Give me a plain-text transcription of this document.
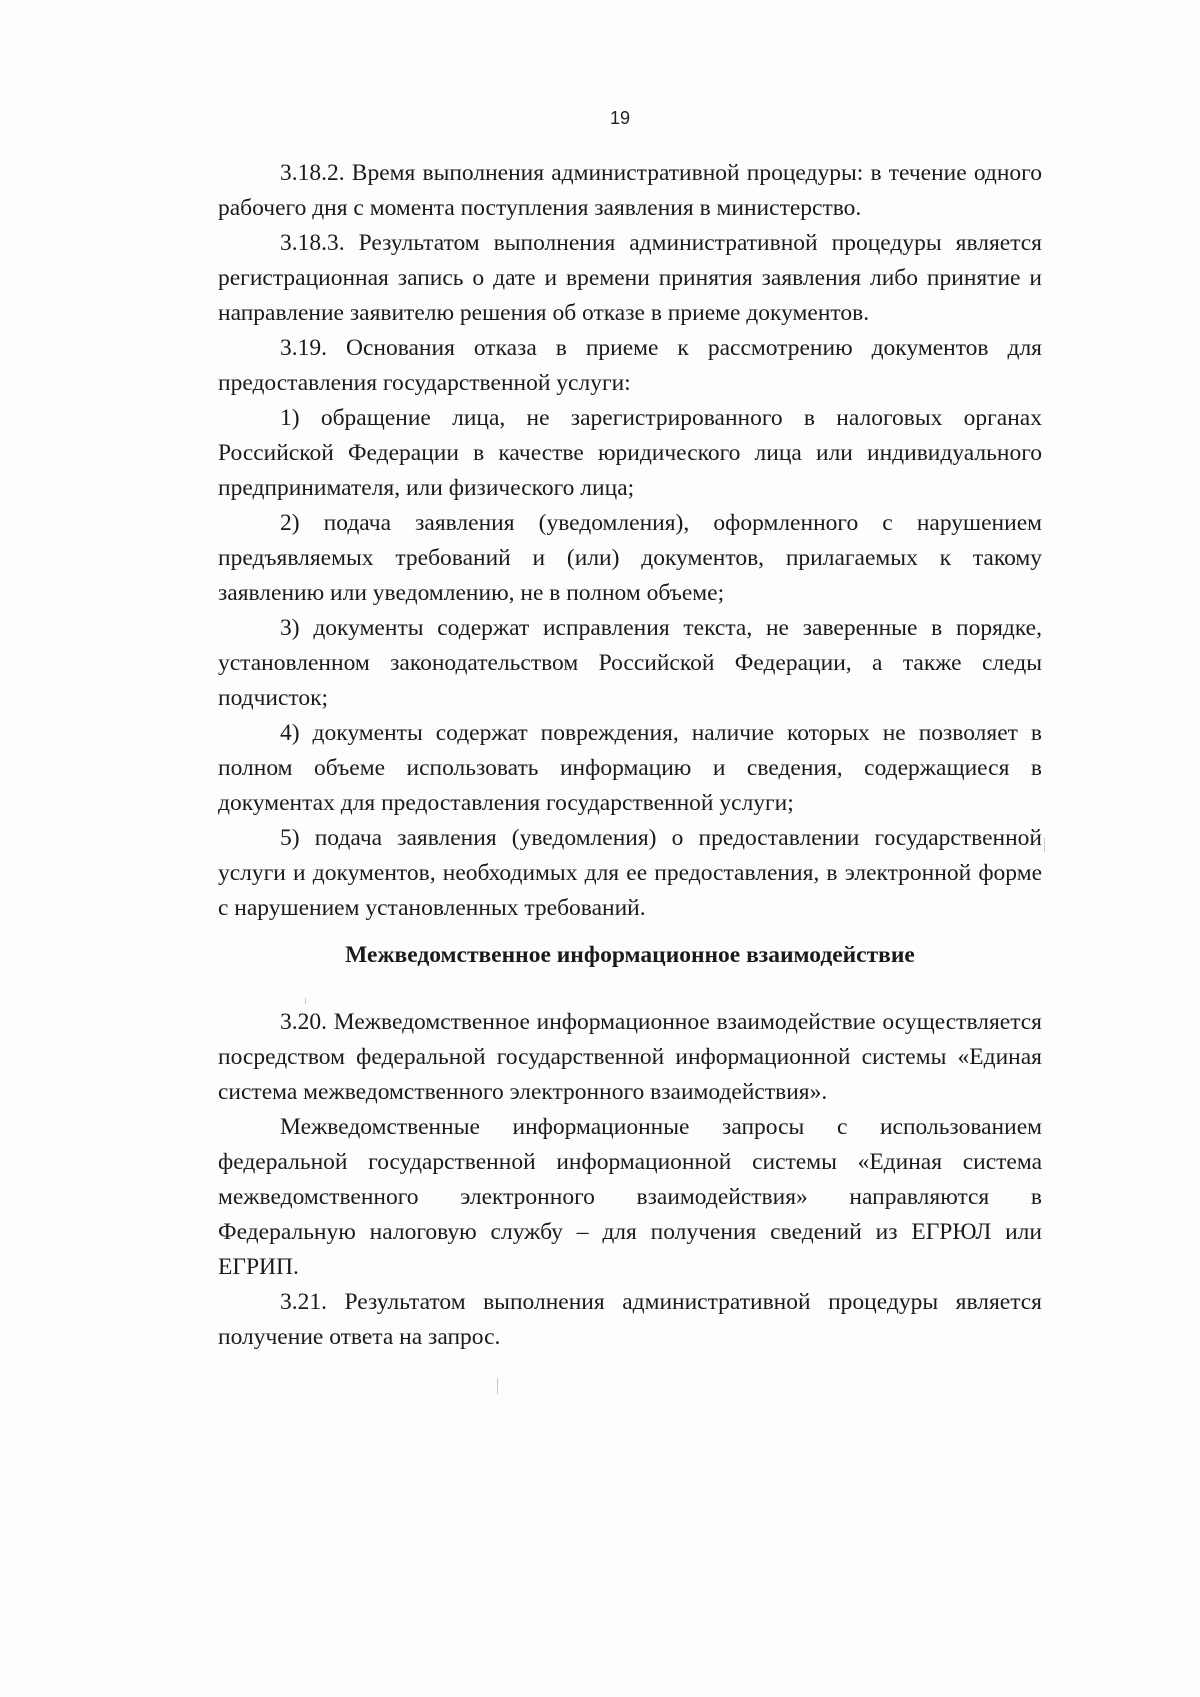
19

3.18.2. Время выполнения административной процедуры: в течение одного рабочего дня с момента поступления заявления в министерство.

3.18.3. Результатом выполнения административной процедуры является регистрационная запись о дате и времени принятия заявления либо принятие и направление заявителю решения об отказе в приеме документов.

3.19. Основания отказа в приеме к рассмотрению документов для предоставления государственной услуги:

1) обращение лица, не зарегистрированного в налоговых органах Российской Федерации в качестве юридического лица или индивидуального предпринимателя, или физического лица;

2) подача заявления (уведомления), оформленного с нарушением предъявляемых требований и (или) документов, прилагаемых к такому заявлению или уведомлению, не в полном объеме;

3) документы содержат исправления текста, не заверенные в порядке, установленном законодательством Российской Федерации, а также следы подчисток;

4) документы содержат повреждения, наличие которых не позволяет в полном объеме использовать информацию и сведения, содержащиеся в документах для предоставления государственной услуги;

5) подача заявления (уведомления) о предоставлении государственной услуги и документов, необходимых для ее предоставления, в электронной форме с нарушением установленных требований.

Межведомственное информационное взаимодействие

3.20. Межведомственное информационное взаимодействие осуществляется посредством федеральной государственной информационной системы «Единая система межведомственного электронного взаимодействия».

Межведомственные информационные запросы с использованием федеральной государственной информационной системы «Единая система межведомственного электронного взаимодействия» направляются в Федеральную налоговую службу – для получения сведений из ЕГРЮЛ или ЕГРИП.

3.21. Результатом выполнения административной процедуры является получение ответа на запрос.
